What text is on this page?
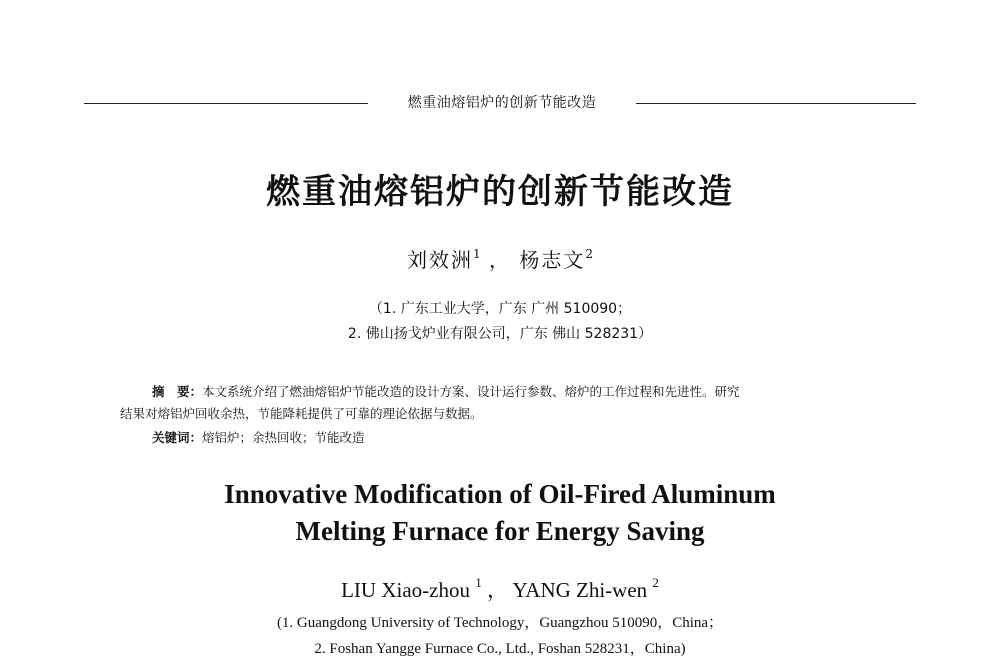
燃重油熔铝炉的创新节能改造
燃重油熔铝炉的创新节能改造
刘效洲$^1$ ， 杨志文$^2$
（1. 广东工业大学，广东 广州 510090；
2. 佛山扬戈炉业有限公司，广东 佛山 528231）
摘　要：本文系统介绍了燃油熔铝炉节能改造的设计方案、设计运行参数、熔炉的工作过程和先进性。研究
结果对熔铝炉回收余热，节能降耗提供了可靠的理论依据与数据。
关键词：熔铝炉；余热回收；节能改造
Innovative Modification of Oil-Fired Aluminum
Melting Furnace for Energy Saving
LIU Xiao-zhou $^1$ ， YANG Zhi-wen $^2$
(1. Guangdong University of Technology，Guangzhou 510090，China；
2. Foshan Yangge Furnace Co., Ltd., Foshan 528231，China)
